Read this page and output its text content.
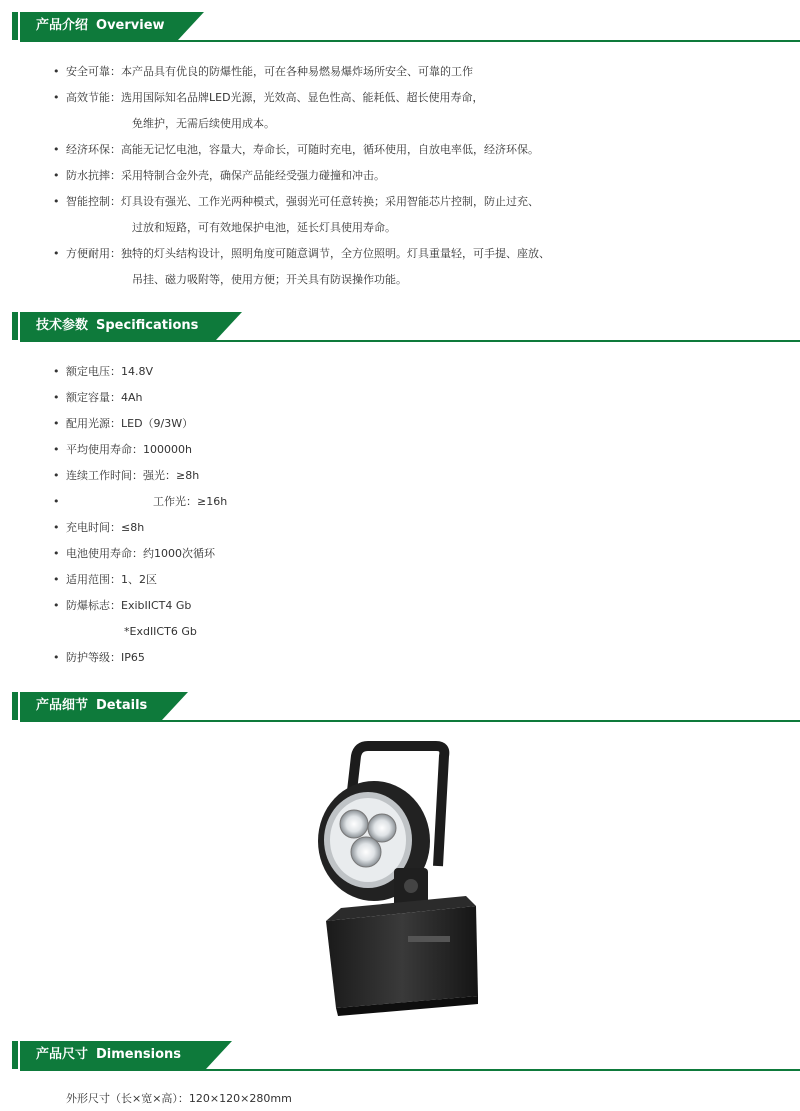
产品介绍 Overview
• 安全可靠：本产品具有优良的防爆性能，可在各种易燃易爆炸场所安全、可靠的工作
• 高效节能：选用国际知名品牌LED光源，光效高、显色性高、能耗低、超长使用寿命，
免维护，无需后续使用成本。
• 经济环保：高能无记忆电池，容量大，寿命长，可随时充电，循环使用，自放电率低，经济环保。
• 防水抗摔：采用特制合金外壳，确保产品能经受强力碰撞和冲击。
• 智能控制：灯具设有强光、工作光两种模式，强弱光可任意转换；采用智能芯片控制，防止过充、
过放和短路，可有效地保护电池，延长灯具使用寿命。
• 方便耐用：独特的灯头结构设计，照明角度可随意调节，全方位照明。灯具重量轻，可手提、座放、
吊挂、磁力吸附等，使用方便；开关具有防误操作功能。
技术参数 Specifications
• 额定电压：14.8V
• 额定容量：4Ah
• 配用光源：LED（9/3W）
• 平均使用寿命：100000h
• 连续工作时间：强光：≥8h
• 工作光：≥16h
• 充电时间：≤8h
• 电池使用寿命：约1000次循环
• 适用范围：1、2区
• 防爆标志：ExibIICT4 Gb
*ExdIICT6 Gb
• 防护等级：IP65
产品细节 Details
产品尺寸 Dimensions
外形尺寸（长×宽×高）：120×120×280mm
